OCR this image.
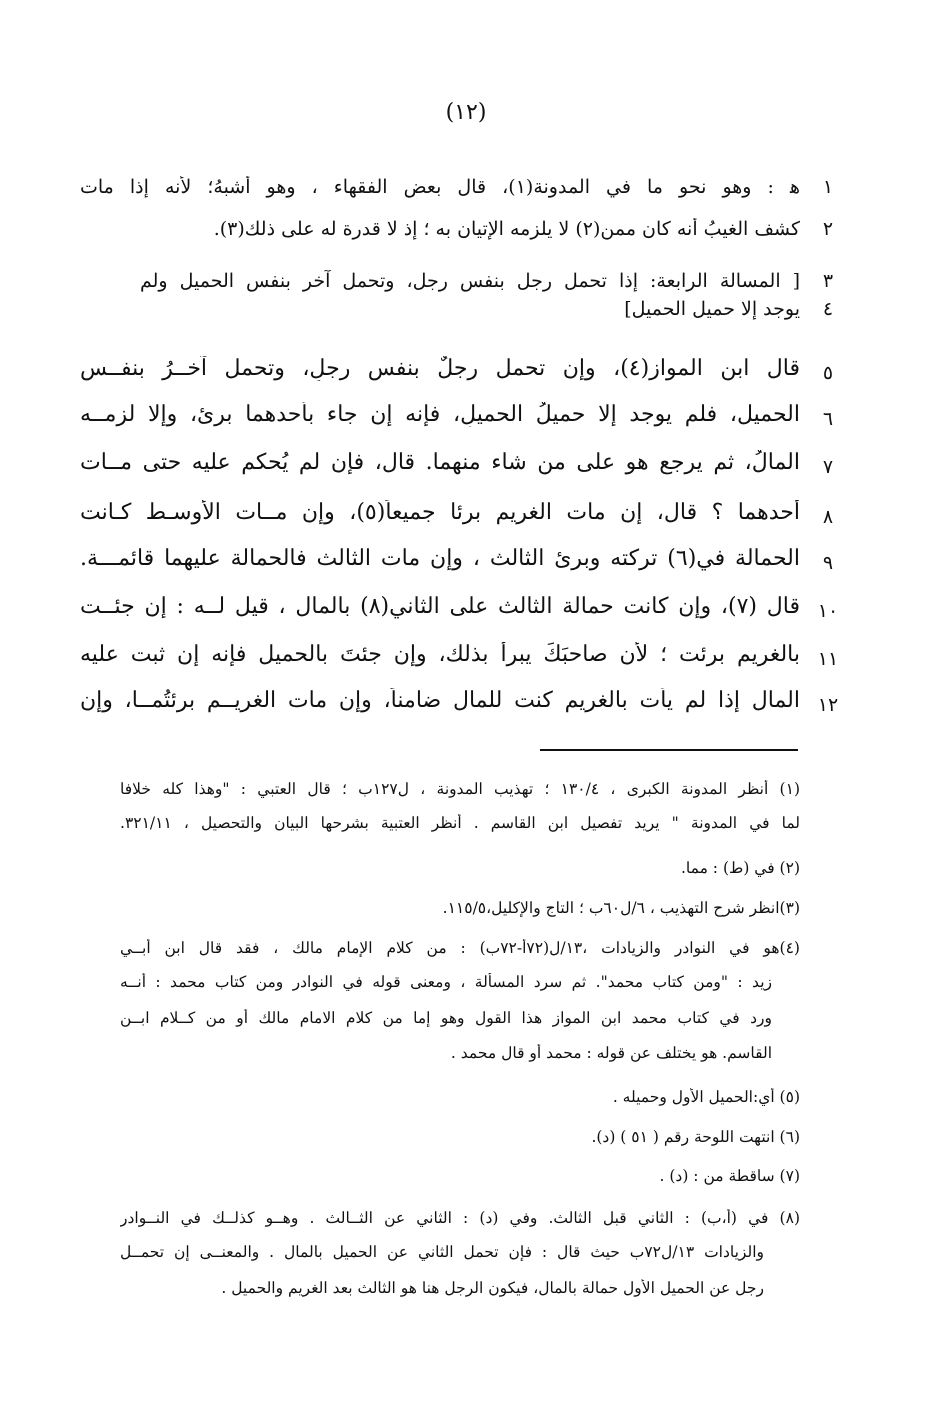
(١٢)
١
ﻫ : وهو نحو ما في المدونة(١)، قال بعض الفقهاء ، وهو أشبهُ؛ لأنه إذا مات
٢
كشف الغيبُ أنه كان ممن(٢) لا يلزمه الإتيان به ؛ إذ لا قدرة له على ذلك(٣).
٣
[ المسالة الرابعة: إذا تحمل رجل بنفس رجل، وتحمل آخر بنفس الحميل ولم
٤
يوجد إلا حميل الحميل]
٥
قال ابن المواز(٤)، وإن تحمل رجلٌ بنفس رجلٍ، وتحمل آخــرُ بنفــس
٦
الحميل، فلم يوجد إلا حميلُ الحميلِ، فإنه إن جاء بأحدهما برئ، وإلا لزمــه
٧
المالُ، ثم يرجع هو على من شاء منهما. قال، فإن لم يُحكم عليه حتى مــات
٨
أحدهما ؟ قال، إن مات الغريم برئا جميعاً(٥)، وإن مــات الأوسـط كـانت
٩
الحمالة في(٦) تركته وبرئ الثالث ، وإن مات الثالث فالحمالة عليهما قائمـــة.
١٠
قال (٧)، وإن كانت حمالة الثالث على الثاني(٨) بالمال ، قيل لــه : إن جئــت
١١
بالغريم برئت ؛ لأن صاحبَكَ يبرأُ بذلك، وإن جئتَ بالحميل فإنه إن ثبت عليه
١٢
المال إذا لم يأت بالغريم كنت للمال ضامناً، وإن مات الغريــم برئتُمــا، وإن
(١) أُنظر المدونة الكبرى ، ١٣٠/٤ ؛ تهذيب المدونة ، ل١٢٧ب ؛ قال العتبي : "وهذا كله خلافا
لما في المدونة " يريد تفصيل ابن القاسم . أُنظر العتبية بشرحها البيان والتحصيل ، ٣٢١/١١.
(٢) في (ط) : مما.
(٣)انظر شرح التهذيب ، ٦/ل٦٠ب ؛ التاج والإكليل،١١٥/٥.
(٤)هو في النوادر والزيادات ،١٣/ل(٧٢أ-٧٢ب) : من كلام الإمام مالك ، فقد قال ابن أبــي
زيد : "ومن كتاب محمد". ثم سرد المسألة ، ومعنى قوله في النوادر ومن كتاب محمد : أنــه
ورد في كتاب محمد ابن المواز هذا القول وهو إما من كلام الامام مالك أو من كــلام ابــن
القاسم. هو يختلف عن قوله : محمد أو قال محمد .
(٥) أي:الحميل الأول وحميله .
(٦) انتهت اللوحة رقم ( ٥١ ) (د).
(٧) ساقطة من : (د) .
(٨) في (أ،ب) : الثاني قبل الثالث. وفي (د) : الثاني عن الثــالث . وهــو كذلــك في النــوادر
والزيادات ١٣/ل٧٢ب حيث قال : فإن تحمل الثاني عن الحميل بالمال . والمعنــى إن تحمــل
رجل عن الحميل الأول حمالة بالمال، فيكون الرجل هنا هو الثالث بعد الغريم والحميل .
